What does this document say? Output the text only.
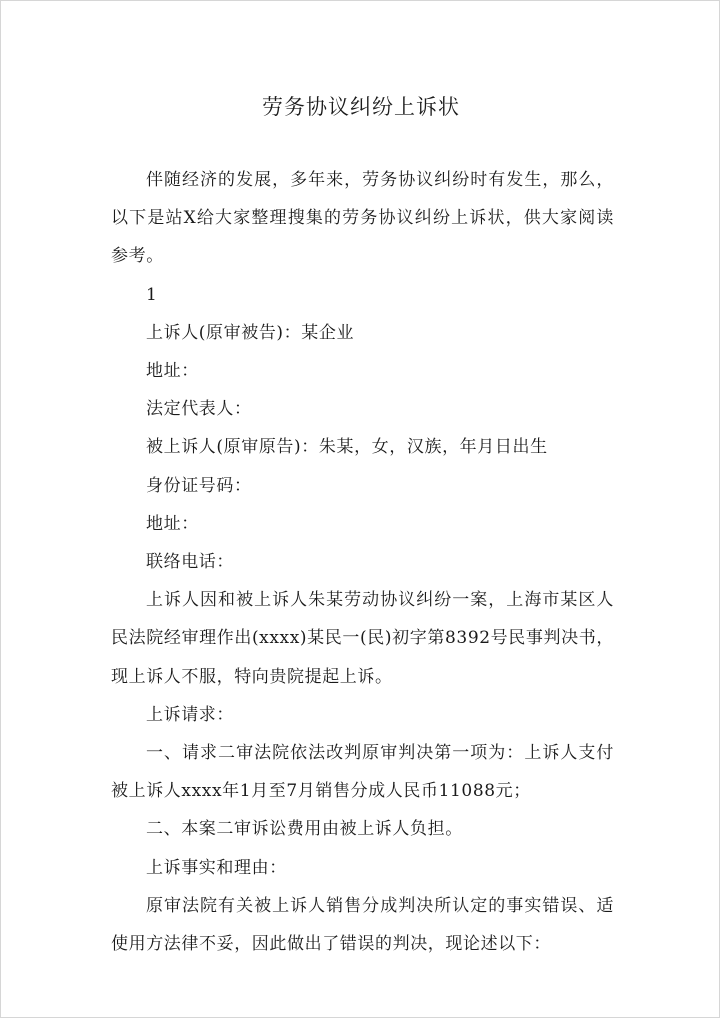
劳务协议纠纷上诉状

伴随经济的发展，多年来，劳务协议纠纷时有发生，那么，以下是站X给大家整理搜集的劳务协议纠纷上诉状，供大家阅读参考。

1

上诉人(原审被告)：某企业

地址：

法定代表人：

被上诉人(原审原告)：朱某，女，汉族，年月日出生

身份证号码：

地址：

联络电话：

上诉人因和被上诉人朱某劳动协议纠纷一案，上海市某区人民法院经审理作出(xxxx)某民一(民)初字第8392号民事判决书，现上诉人不服，特向贵院提起上诉。

上诉请求：

一、请求二审法院依法改判原审判决第一项为：上诉人支付被上诉人xxxx年1月至7月销售分成人民币11088元；

二、本案二审诉讼费用由被上诉人负担。

上诉事实和理由：

原审法院有关被上诉人销售分成判决所认定的事实错误、适使用方法律不妥，因此做出了错误的判决，现论述以下：
